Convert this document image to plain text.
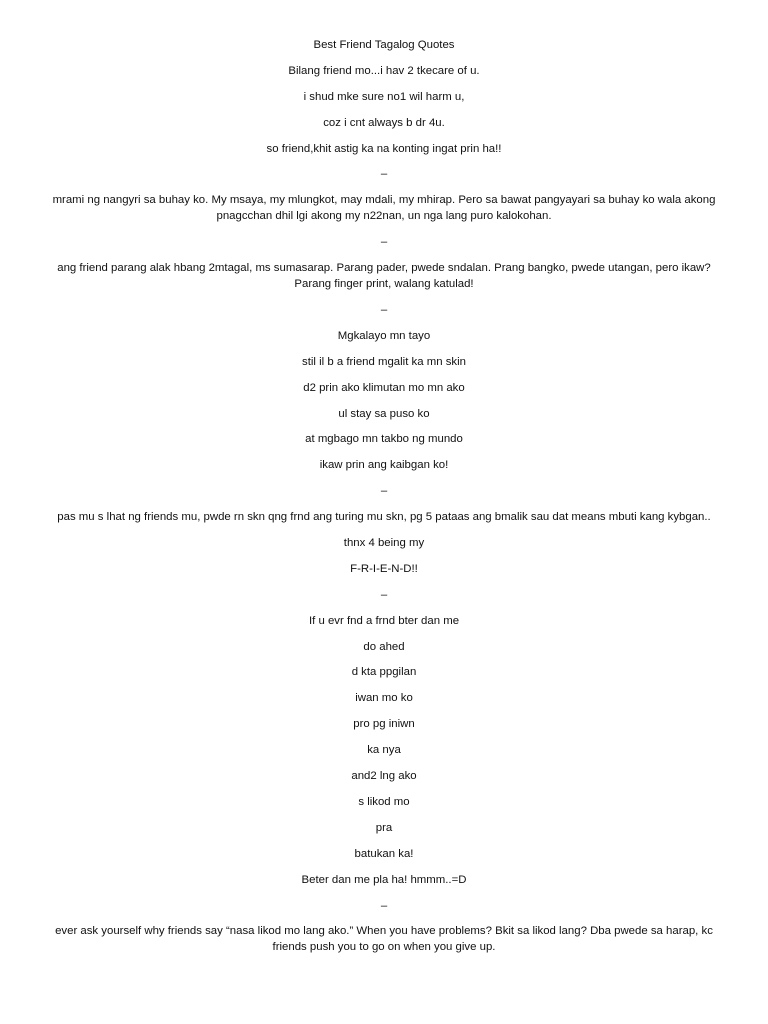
Best Friend Tagalog Quotes
Bilang friend mo...i hav 2 tkecare of u.
i shud mke sure no1 wil harm u,
coz i cnt always b dr 4u.
so friend,khit astig ka na konting ingat prin ha!!
–
mrami ng nangyri sa buhay ko. My msaya, my mlungkot, may mdali, my mhirap. Pero sa bawat pangyayari sa buhay ko wala akong pnagcchan dhil lgi akong my n22nan, un nga lang puro kalokohan.
–
ang friend parang alak hbang 2mtagal, ms sumasarap. Parang pader, pwede sndalan. Prang bangko, pwede utangan, pero ikaw? Parang finger print, walang katulad!
–
Mgkalayo mn tayo
stil il b a friend mgalit ka mn skin
d2 prin ako klimutan mo mn ako
ul stay sa puso ko
at mgbago mn takbo ng mundo
ikaw prin ang kaibgan ko!
–
pas mu s lhat ng friends mu, pwde rn skn qng frnd ang turing mu skn, pg 5 pataas ang bmalik sau dat means mbuti kang kybgan..
thnx 4 being my
F-R-I-E-N-D!!
–
If u evr fnd a frnd bter dan me
do ahed
d kta ppgilan
iwan mo ko
pro pg iniwn
ka nya
and2 lng ako
s likod mo
pra
batukan ka!
Beter dan me pla ha! hmmm..=D
–
ever ask yourself why friends say “nasa likod mo lang ako.” When you have problems? Bkit sa likod lang? Dba pwede sa harap, kc friends push you to go on when you give up.
